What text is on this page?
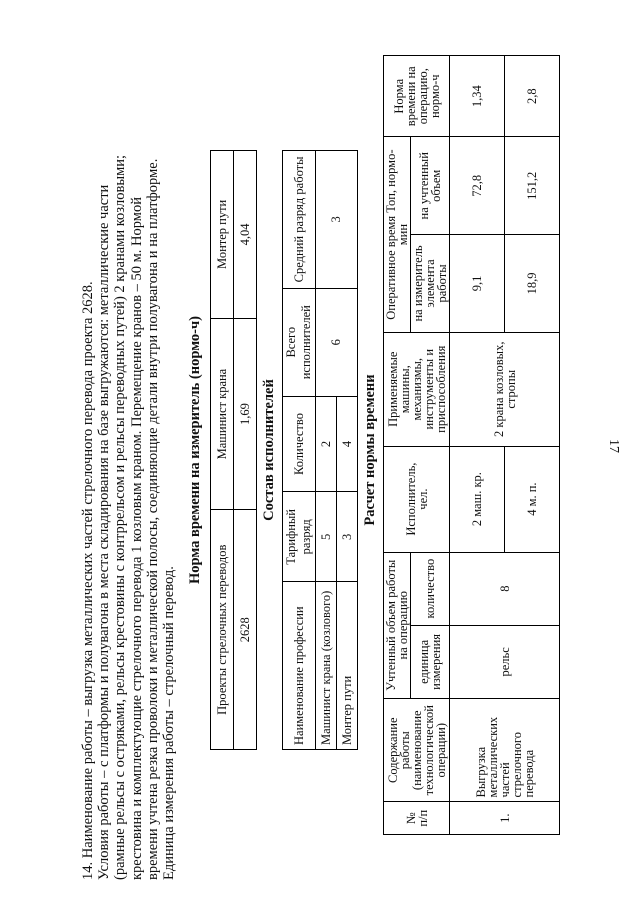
17
14. Наименование работы – выгрузка металлических частей стрелочного перевода проекта 2628. Условия работы – с платформы и полувагона в места складирования на базе выгружаются: металлические части (рамные рельсы с остряками, рельсы крестовины с контррельсом и рельсы переводных путей) 2 кранами козловыми; крестовина и комплектующие стрелочного перевода 1 козловым краном. Перемещение кранов – 50 м. Нормой времени учтена резка проволоки и металлической полосы, соединяющие детали внутри полувагона и на платформе. Единица измерения работы – стрелочный перевод.
Норма времени на измеритель (нормо-ч)
Проекты стрелочных переводов	Машинист крана	Монтер пути
2628	1,69	4,04
Состав исполнителей
Наименование профессии	Тарифный разряд	Количество	Всего исполнителей	Средний разряд работы
Машинист крана (козлового)	5	2	6	3
Монтер пути	3	4		Расчет нормы времени
№ п/п	Содержание работы (наименование технологической операции)	Учтенный объем работы на операцию		Исполнитель, чел.	Применяемые машины, механизмы, инструменты и приспособления	Оперативное время Топ, нормо-мин		Норма времени на операцию, нормо-ч
		единица измерения	количество			на измеритель элемента работы	на учтенный объем	
1.	Выгрузка металлических частей стрелочного перевода	рельс	8	2 маш. кр.	2 крана козловых, стропы	9,1	72,8	1,34
				4 м. п.		18,9	151,2	2,8
